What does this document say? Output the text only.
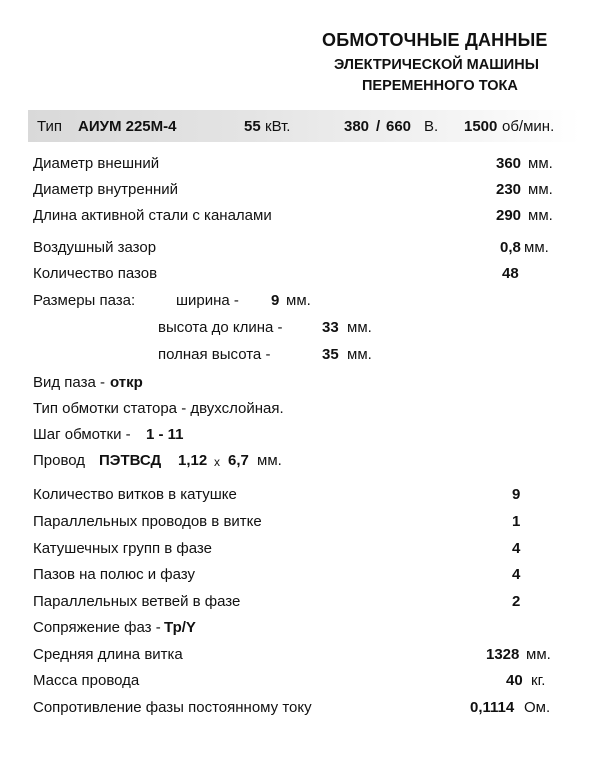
ОБМОТОЧНЫЕ ДАННЫЕ
ЭЛЕКТРИЧЕСКОЙ МАШИНЫ
ПЕРЕМЕННОГО ТОКА
Тип АИУМ 225М-4	55 кВт.	380 / 660 В. 1500 об/мин.
Диаметр внешний	360 мм.
Диаметр внутренний	230 мм.
Длина активной стали с каналами	290 мм.
Воздушный зазор	0,8 мм.
Количество пазов	48
Размеры паза:	ширина - 9 мм.
высота до клина -	33 мм.
полная высота -	35 мм.
Вид паза - откр
Тип обмотки статора - двухслойная.
Шаг обмотки - 1 - 11
Провод ПЭТВСД 1,12 х 6,7 мм.
Количество витков в катушке	9
Параллельных проводов в витке	1
Катушечных групп в фазе	4
Пазов на полюс и фазу	4
Параллельных ветвей в фазе	2
Сопряжение фаз - Тр/Y
Средняя длина витка	1328 мм.
Масса провода	40 кг.
Сопротивление фазы постоянному току	0,1114 Ом.
